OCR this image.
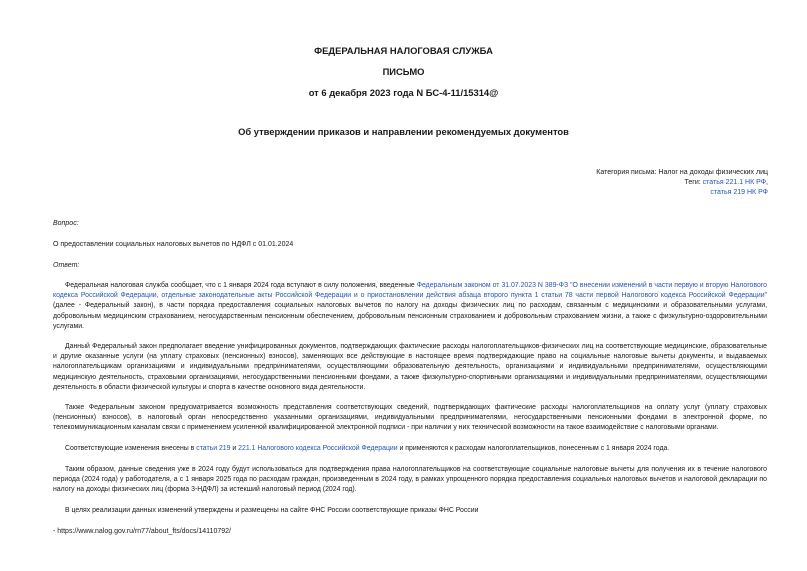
ФЕДЕРАЛЬНАЯ НАЛОГОВАЯ СЛУЖБА
ПИСЬМО
от 6 декабря 2023 года N БС-4-11/15314@
Об утверждении приказов и направлении рекомендуемых документов
Категория письма: Налог на доходы физических лиц
Теги: статья 221.1 НК РФ,
статья 219 НК РФ
Вопрос:
О предоставлении социальных налоговых вычетов по НДФЛ с 01.01.2024
Ответ:
Федеральная налоговая служба сообщает, что с 1 января 2024 года вступают в силу положения, введенные Федеральным законом от 31.07.2023 N 389-ФЗ "О внесении изменений в части первую и вторую Налогового кодекса Российской Федерации, отдельные законодательные акты Российской Федерации и о приостановлении действия абзаца второго пункта 1 статьи 78 части первой Налогового кодекса Российской Федерации" (далее - Федеральный закон), в части порядка предоставления социальных налоговых вычетов по налогу на доходы физических лиц по расходам, связанным с медицинскими и образовательными услугами, добровольным медицинским страхованием, негосударственным пенсионным обеспечением, добровольным пенсионным страхованием и добровольным страхованием жизни, а также с физкультурно-оздоровительными услугами.
Данный Федеральный закон предполагает введение унифицированных документов, подтверждающих фактические расходы налогоплательщиков-физических лиц на соответствующие медицинские, образовательные и другие оказанные услуги (на уплату страховых (пенсионных) взносов), заменяющих все действующие в настоящее время подтверждающие право на социальные налоговые вычеты документы, и выдаваемых налогоплательщикам организациями и индивидуальными предпринимателями, осуществляющими образовательную деятельность, организациями и индивидуальными предпринимателями, осуществляющими медицинскую деятельность, страховыми организациями, негосударственными пенсионными фондами, а также физкультурно-спортивными организациями и индивидуальными предпринимателями, осуществляющими деятельность в области физической культуры и спорта в качестве основного вида деятельности.
Также Федеральным законом предусматривается возможность представления соответствующих сведений, подтверждающих фактические расходы налогоплательщиков на оплату услуг (уплату страховых (пенсионных) взносов), в налоговый орган непосредственно указанными организациями, индивидуальными предпринимателями, негосударственными пенсионными фондами в электронной форме, по телекоммуникационным каналам связи с применением усиленной квалифицированной электронной подписи - при наличии у них технической возможности на такое взаимодействие с налоговыми органами.
Соответствующие изменения внесены в статьи 219 и 221.1 Налогового кодекса Российской Федерации и применяются к расходам налогоплательщиков, понесенным с 1 января 2024 года.
Таким образом, данные сведения уже в 2024 году будут использоваться для подтверждения права налогоплательщиков на соответствующие социальные налоговые вычеты для получения их в течение налогового периода (2024 года) у работодателя, а с 1 января 2025 года по расходам граждан, произведенным в 2024 году, в рамках упрощенного порядка предоставления социальных налоговых вычетов и налоговой декларации по налогу на доходы физических лиц (форма 3-НДФЛ) за истекший налоговый период (2024 год).
В целях реализации данных изменений утверждены и размещены на сайте ФНС России соответствующие приказы ФНС России
- https://www.nalog.gov.ru/rn77/about_fts/docs/14110792/
